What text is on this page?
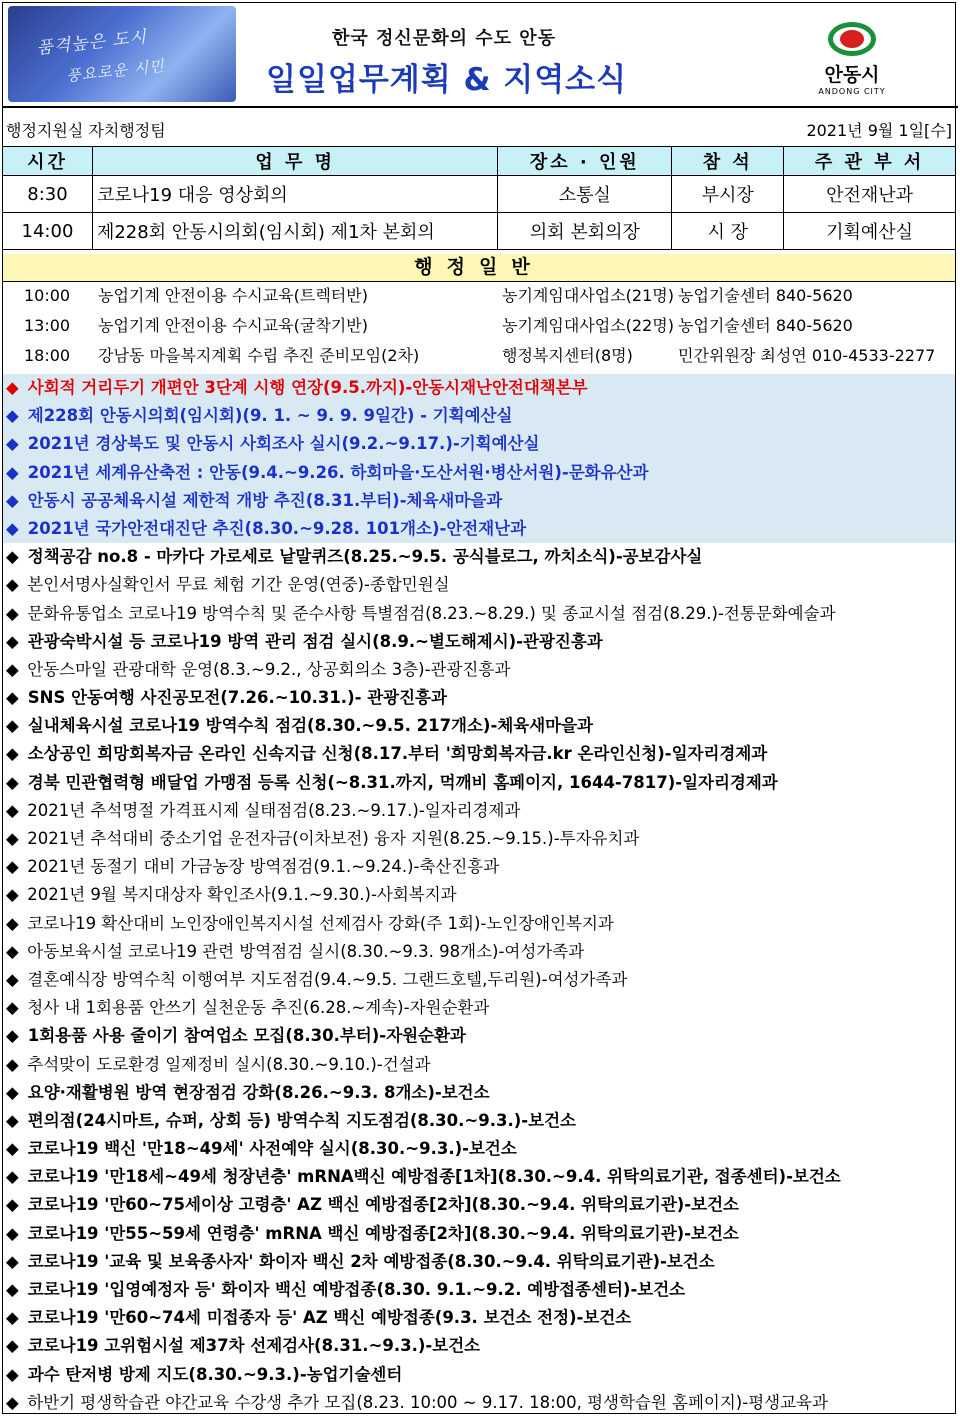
품격높은 도시
풍요로운 시민
한국 정신문화의 수도 안동
일일업무계획 & 지역소식	안동시
ANDONG CITY
행정지원실 자치행정팀	2021년 9월 1일[수]
시간	업 무 명	장소 · 인원	참 석	주 관 부 서
8:30	코로나19 대응 영상회의	소통실	부시장	안전재난과
14:00	제228회 안동시의회(임시회) 제1차 본회의	의회 본회의장	시 장	기획예산실
행정일반
10:00 농업기계 안전이용 수시교육(트렉터반)	농기계임대사업소(21명) 농업기술센터 840-5620
13:00 농업기계 안전이용 수시교육(굴착기반)	농기계임대사업소(22명) 농업기술센터 840-5620
18:00 강남동 마을복지계획 수립 추진 준비모임(2차)	행정복지센터(8명)	민간위원장 최성연 010-4533-2277
◆ 사회적 거리두기 개편안 3단계 시행 연장(9.5.까지)-안동시재난안전대책본부
◆ 제228회 안동시의회(임시회)(9. 1. ~ 9. 9. 9일간) - 기획예산실
◆ 2021년 경상북도 및 안동시 사회조사 실시(9.2.~9.17.)-기획예산실
◆ 2021년 세계유산축전 : 안동(9.4.~9.26. 하회마을·도산서원·병산서원)-문화유산과
◆ 안동시 공공체육시설 제한적 개방 추진(8.31.부터)-체육새마을과
◆ 2021년 국가안전대진단 추진(8.30.~9.28. 101개소)-안전재난과
◆ 정책공감 no.8 - 마카다 가로세로 낱말퀴즈(8.25.~9.5. 공식블로그, 까치소식)-공보감사실
◆ 본인서명사실확인서 무료 체험 기간 운영(연중)-종합민원실
◆ 문화유통업소 코로나19 방역수칙 및 준수사항 특별점검(8.23.~8.29.) 및 종교시설 점검(8.29.)-전통문화예술과
◆ 관광숙박시설 등 코로나19 방역 관리 점검 실시(8.9.~별도해제시)-관광진흥과
◆ 안동스마일 관광대학 운영(8.3.~9.2., 상공회의소 3층)-관광진흥과
◆ SNS 안동여행 사진공모전(7.26.~10.31.)- 관광진흥과
◆ 실내체육시설 코로나19 방역수칙 점검(8.30.~9.5. 217개소)-체육새마을과
◆ 소상공인 희망회복자금 온라인 신속지급 신청(8.17.부터 '희망회복자금.kr 온라인신청)-일자리경제과
◆ 경북 민관협력형 배달업 가맹점 등록 신청(~8.31.까지, 먹깨비 홈페이지, 1644-7817)-일자리경제과
◆ 2021년 추석명절 가격표시제 실태점검(8.23.~9.17.)-일자리경제과
◆ 2021년 추석대비 중소기업 운전자금(이차보전) 융자 지원(8.25.~9.15.)-투자유치과
◆ 2021년 동절기 대비 가금농장 방역점검(9.1.~9.24.)-축산진흥과
◆ 2021년 9월 복지대상자 확인조사(9.1.~9.30.)-사회복지과
◆ 코로나19 확산대비 노인장애인복지시설 선제검사 강화(주 1회)-노인장애인복지과
◆ 아동보육시설 코로나19 관련 방역점검 실시(8.30.~9.3. 98개소)-여성가족과
◆ 결혼예식장 방역수칙 이행여부 지도점검(9.4.~9.5. 그랜드호텔,두리원)-여성가족과
◆ 청사 내 1회용품 안쓰기 실천운동 추진(6.28.~계속)-자원순환과
◆ 1회용품 사용 줄이기 참여업소 모집(8.30.부터)-자원순환과
◆ 추석맞이 도로환경 일제정비 실시(8.30.~9.10.)-건설과
◆ 요양·재활병원 방역 현장점검 강화(8.26.~9.3. 8개소)-보건소
◆ 편의점(24시마트, 슈퍼, 상회 등) 방역수칙 지도점검(8.30.~9.3.)-보건소
◆ 코로나19 백신 '만18~49세' 사전예약 실시(8.30.~9.3.)-보건소
◆ 코로나19 '만18세~49세 청장년층' mRNA백신 예방접종[1차](8.30.~9.4. 위탁의료기관, 접종센터)-보건소
◆ 코로나19 '만60~75세이상 고령층' AZ 백신 예방접종[2차](8.30.~9.4. 위탁의료기관)-보건소
◆ 코로나19 '만55~59세 연령층' mRNA 백신 예방접종[2차](8.30.~9.4. 위탁의료기관)-보건소
◆ 코로나19 '교육 및 보육종사자' 화이자 백신 2차 예방접종(8.30.~9.4. 위탁의료기관)-보건소
◆ 코로나19 '입영예정자 등' 화이자 백신 예방접종(8.30. 9.1.~9.2. 예방접종센터)-보건소
◆ 코로나19 '만60~74세 미접종자 등' AZ 백신 예방접종(9.3. 보건소 전정)-보건소
◆ 코로나19 고위험시설 제37차 선제검사(8.31.~9.3.)-보건소
◆ 과수 탄저병 방제 지도(8.30.~9.3.)-농업기술센터
◆ 하반기 평생학습관 야간교육 수강생 추가 모집(8.23. 10:00 ~ 9.17. 18:00, 평생학습원 홈페이지)-평생교육과
